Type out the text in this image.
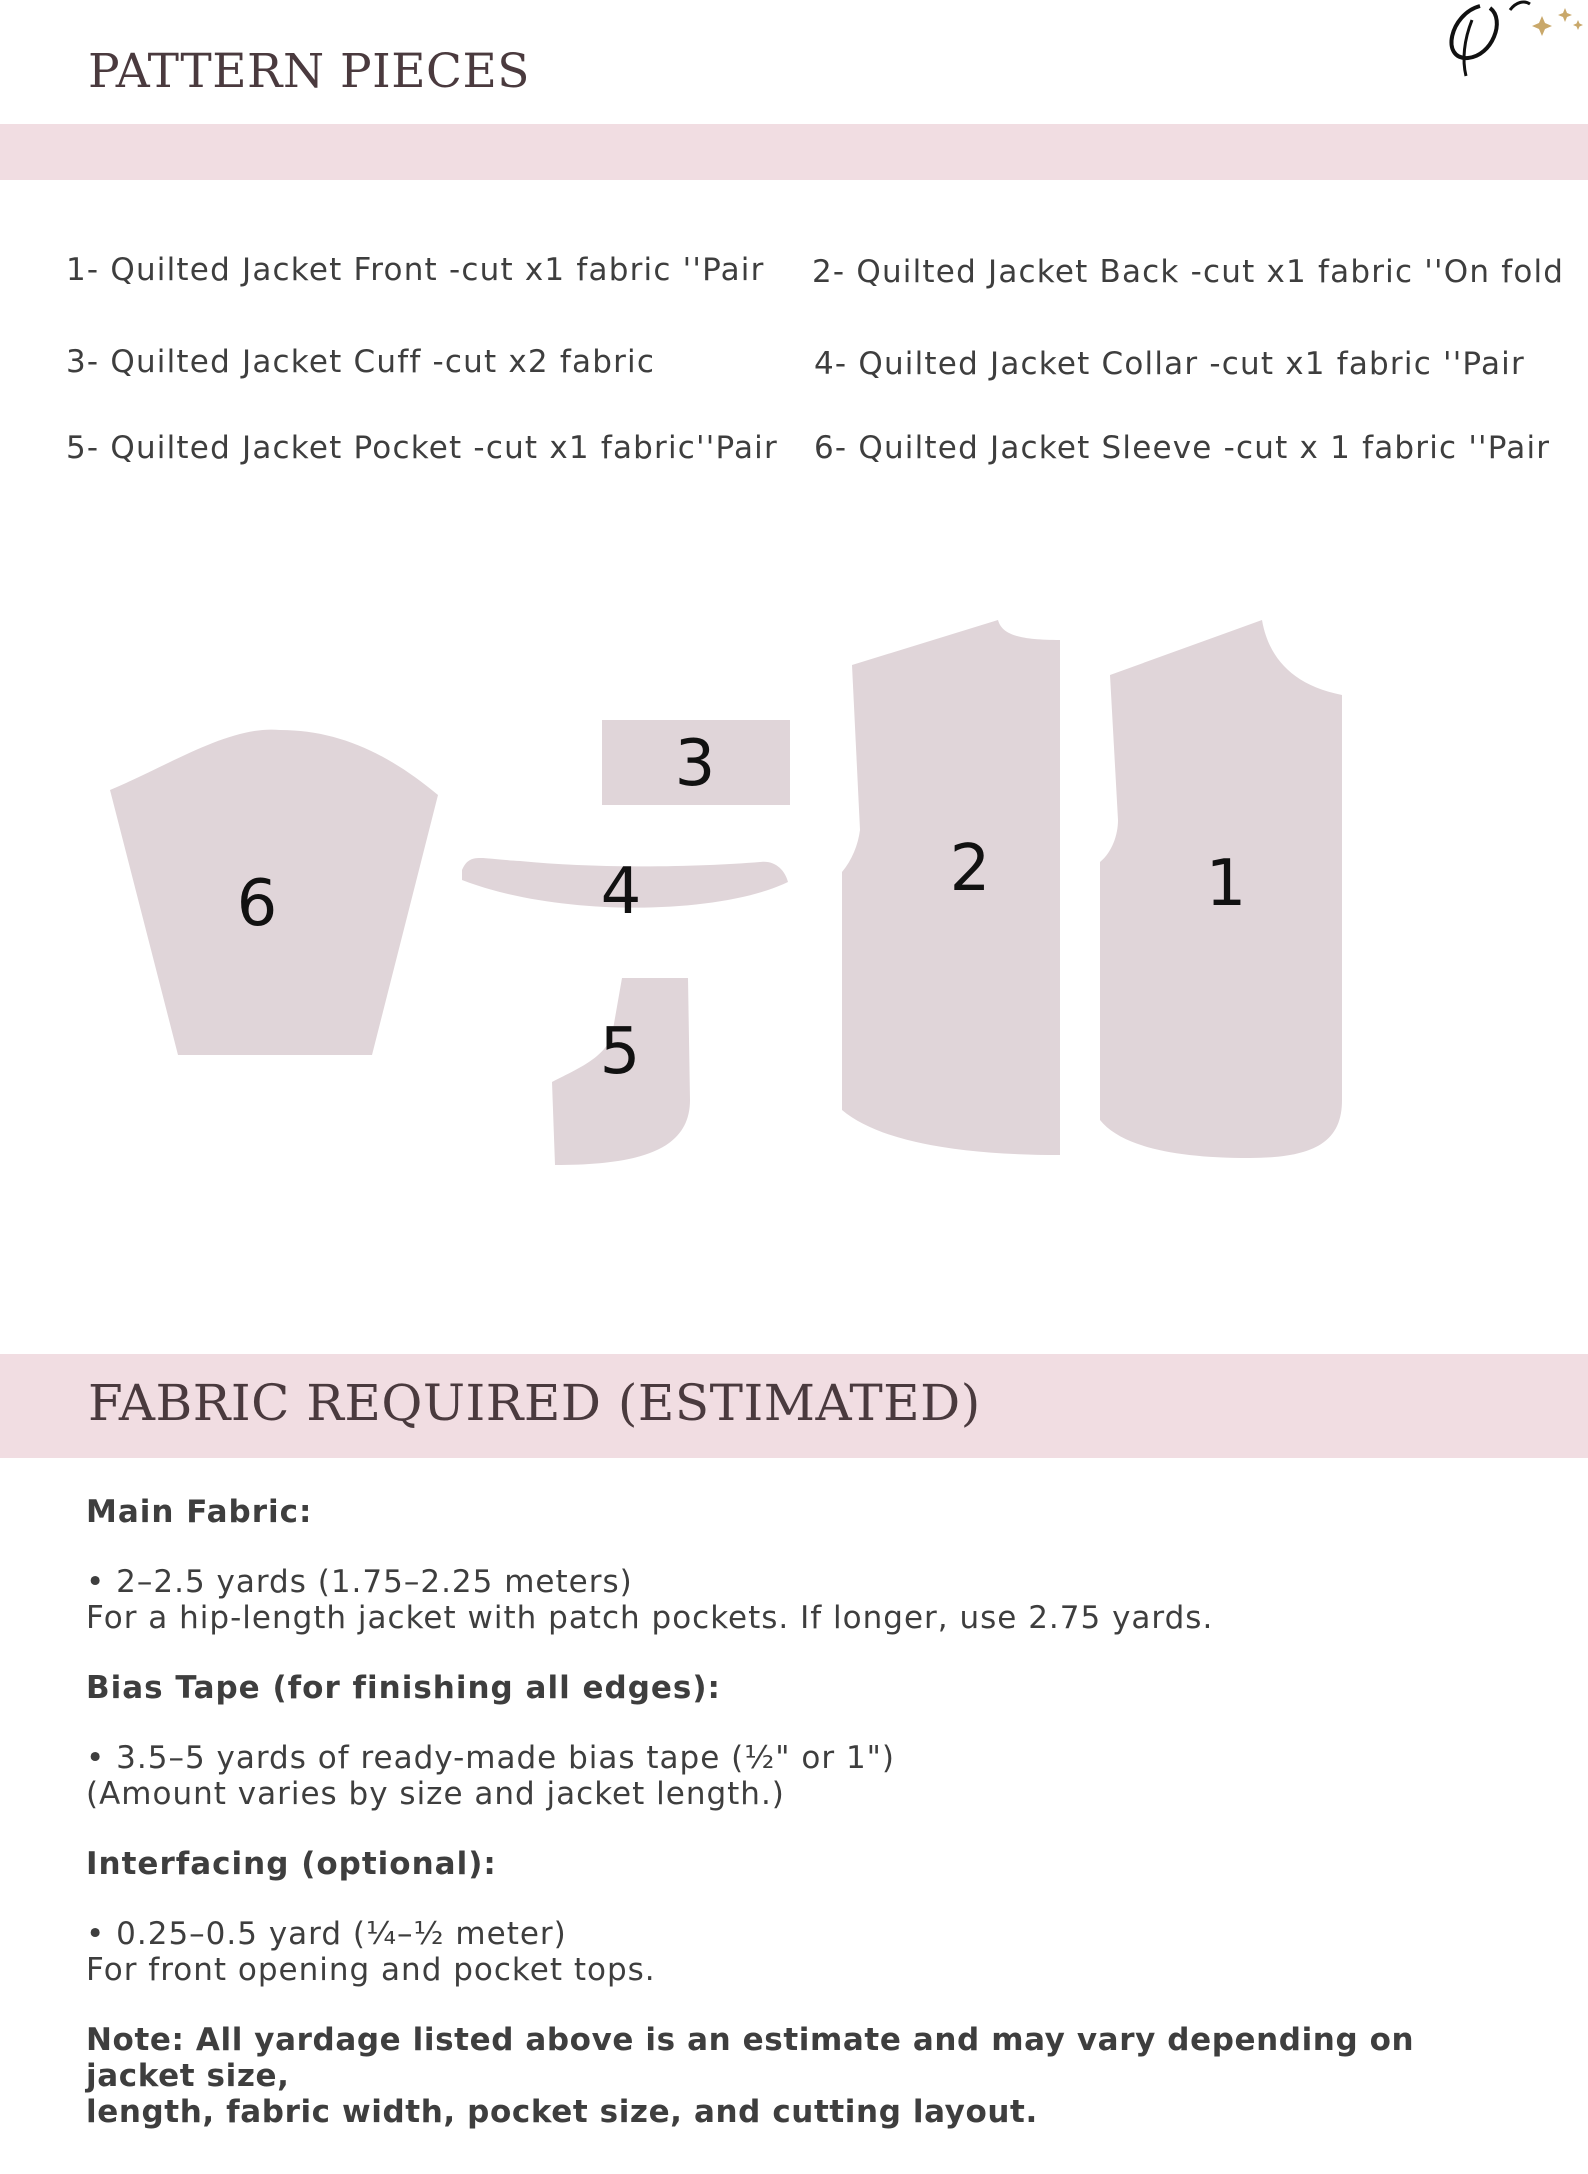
PATTERN PIECES

1- Quilted Jacket Front -cut x1 fabric ''Pair 2- Quilted Jacket Back -cut x1 fabric ''On fold

3- Quilted Jacket Cuff -cut x2 fabric	4- Quilted Jacket Collar -cut x1 fabric ''Pair

5- Quilted Jacket Pocket -cut x1 fabric''Pair 6- Quilted Jacket Sleeve -cut x 1 fabric ''Pair

6
3
4
5
2	1
FABRIC REQUIRED (ESTIMATED)

Main Fabric:

• 2–2.5 yards (1.75–2.25 meters)

For a hip-length jacket with patch pockets. If longer, use 2.75 yards.

Bias Tape (for finishing all edges):

• 3.5–5 yards of ready-made bias tape (½" or 1")

(Amount varies by size and jacket length.)

Interfacing (optional):

• 0.25–0.5 yard (¼–½ meter)

For front opening and pocket tops.

Note: All yardage listed above is an estimate and may vary depending on jacket size,

length, fabric width, pocket size, and cutting layout.
